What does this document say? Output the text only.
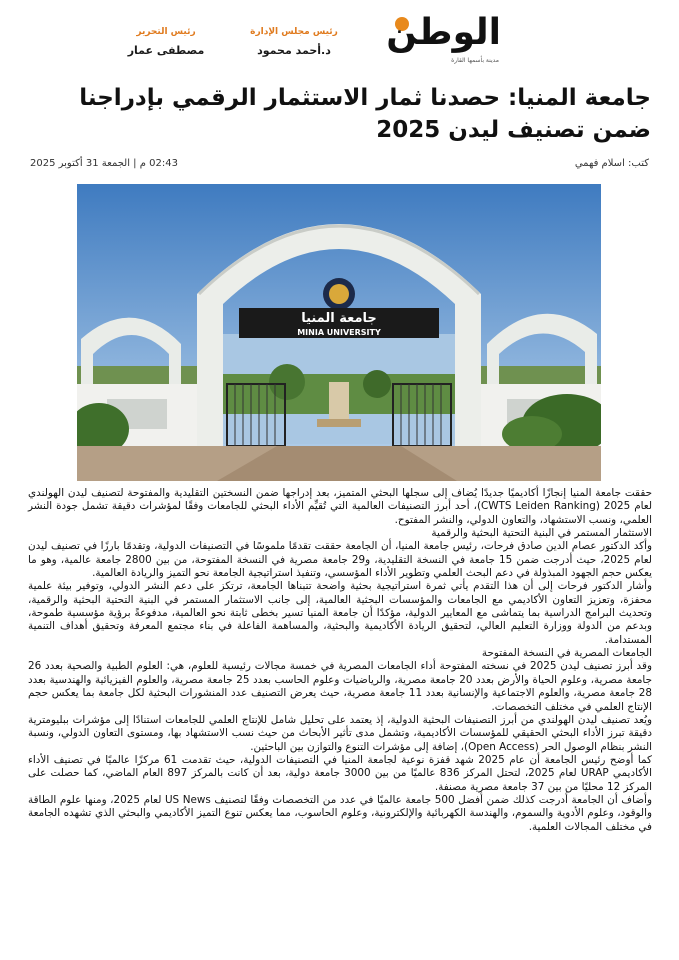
الوطن
مدينة بأسمها القارة
رئيس مجلس الإدارة
د.أحمد محمود
رئيس التحرير
مصطفى عمار
جامعة المنيا: حصدنا ثمار الاستثمار الرقمي بإدراجنا ضمن تصنيف ليدن 2025
كتب: اسلام فهمي
02:43 م | الجمعة 31 أكتوبر 2025
جامعة المنيا
MINIA UNIVERSITY

حققت جامعة المنيا إنجازًا أكاديميًا جديدًا يُضاف إلى سجلها البحثي المتميز، بعد إدراجها ضمن النسختين التقليدية والمفتوحة لتصنيف ليدن الهولندي لعام 2025 (CWTS Leiden Ranking)، أحد أبرز التصنيفات العالمية التي تُقيِّم الأداء البحثي للجامعات وفقًا لمؤشرات دقيقة تشمل جودة النشر العلمي، ونسب الاستشهاد، والتعاون الدولي، والنشر المفتوح.

الاستثمار المستمر في البنية التحتية البحثية والرقمية

وأكد الدكتور عصام الدين صادق فرحات، رئيس جامعة المنيا، أن الجامعة حققت تقدمًا ملموسًا في التصنيفات الدولية، وتقدمًا بارزًا في تصنيف ليدن لعام 2025، حيث أدرجت ضمن 15 جامعة في النسخة التقليدية، و29 جامعة مصرية في النسخة المفتوحة، من بين 2800 جامعة عالمية، وهو ما يعكس حجم الجهود المبذولة في دعم البحث العلمي وتطوير الأداء المؤسسي، وتنفيذ استراتيجية الجامعة نحو التميز والريادة العالمية.

وأشار الدكتور فرحات إلى أن هذا التقدم يأتي ثمرة استراتيجية بحثية واضحة تتبناها الجامعة، ترتكز على دعم النشر الدولي، وتوفير بيئة علمية محفزة، وتعزيز التعاون الأكاديمي مع الجامعات والمؤسسات البحثية العالمية، إلى جانب الاستثمار المستمر في البنية التحتية البحثية والرقمية، وتحديث البرامج الدراسية بما يتماشى مع المعايير الدولية، مؤكدًا أن جامعة المنيا تسير بخطى ثابتة نحو العالمية، مدفوعةً برؤية مؤسسية طموحة، وبدعم من الدولة ووزارة التعليم العالي، لتحقيق الريادة الأكاديمية والبحثية، والمساهمة الفاعلة في بناء مجتمع المعرفة وتحقيق أهداف التنمية المستدامة.

الجامعات المصرية في النسخة المفتوحة

وقد أبرز تصنيف ليدن 2025 في نسخته المفتوحة أداء الجامعات المصرية في خمسة مجالات رئيسية للعلوم، هي: العلوم الطبية والصحية بعدد 26 جامعة مصرية، وعلوم الحياة والأرض بعدد 20 جامعة مصرية، والرياضيات وعلوم الحاسب بعدد 25 جامعة مصرية، والعلوم الفيزيائية والهندسية بعدد 28 جامعة مصرية، والعلوم الاجتماعية والإنسانية بعدد 11 جامعة مصرية، حيث يعرض التصنيف عدد المنشورات البحثية لكل جامعة بما يعكس حجم الإنتاج العلمي في مختلف التخصصات.

ويُعد تصنيف ليدن الهولندي من أبرز التصنيفات البحثية الدولية، إذ يعتمد على تحليل شامل للإنتاج العلمي للجامعات استنادًا إلى مؤشرات ببليومترية دقيقة تبرز الأداء البحثي الحقيقي للمؤسسات الأكاديمية، وتشمل مدى تأثير الأبحاث من حيث نسب الاستشهاد بها، ومستوى التعاون الدولي، ونسبة النشر بنظام الوصول الحر (Open Access)، إضافة إلى مؤشرات التنوع والتوازن بين الباحثين.

كما أوضح رئيس الجامعة أن عام 2025 شهد قفزة نوعية لجامعة المنيا في التصنيفات الدولية، حيث تقدمت 61 مركزًا عالميًا في تصنيف الأداء الأكاديمي URAP لعام 2025، لتحتل المركز 836 عالميًا من بين 3000 جامعة دولية، بعد أن كانت بالمركز 897 العام الماضي، كما حصلت على المركز 12 محليًا من بين 37 جامعة مصرية مصنفة.

وأضاف أن الجامعة أدرجت كذلك ضمن أفضل 500 جامعة عالميًا في عدد من التخصصات وفقًا لتصنيف US News لعام 2025، ومنها علوم الطاقة والوقود، وعلوم الأدوية والسموم، والهندسة الكهربائية والإلكترونية، وعلوم الحاسوب، مما يعكس تنوع التميز الأكاديمي والبحثي الذي تشهده الجامعة في مختلف المجالات العلمية.
